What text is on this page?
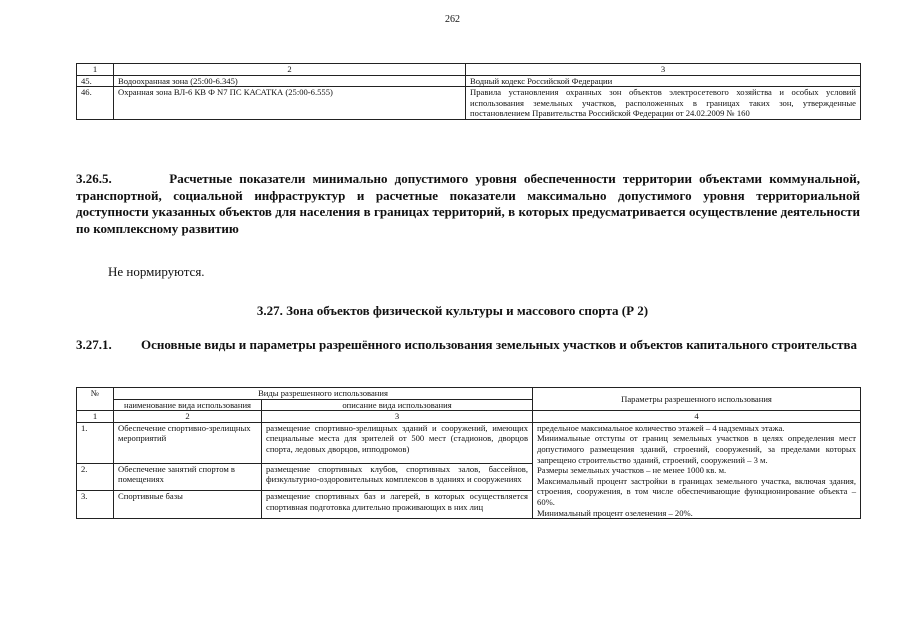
262
1	2	3
45.	Водоохранная зона (25:00-6.345)	Водный кодекс Российской Федерации
46.	Охранная зона ВЛ-6 КВ Ф N7 ПС КАСАТКА (25:00-6.555)	Правила установления охранных зон объектов электросетевого хозяйства и особых условий использования земельных участков, расположенных в границах таких зон, утвержденные постановлением Правительства Российской Федерации от 24.02.2009 № 160
3.26.5.	Расчетные показатели минимально допустимого уровня обеспеченности территории объектами коммунальной, транспортной, социальной инфраструктур и расчетные показатели максимально допустимого уровня территориальной доступности указанных объектов для населения в границах территорий, в которых предусматривается осуществление деятельности по комплексному развитию
Не нормируются.
3.27. Зона объектов физической культуры и массового спорта (Р 2)
3.27.1. Основные виды и параметры разрешённого использования земельных участков и объектов капитального строительства
№	Виды разрешенного использования		Параметры разрешенного использования
	наименование вида использования	описание вида использования	
1	2	3	4
1.	Обеспечение спортивно-зрелищных мероприятий	размещение спортивно-зрелищных зданий и сооружений, имеющих специальные места для зрителей от 500 мест (стадионов, дворцов спорта, ледовых дворцов, ипподромов)	предельное максимальное количество этажей – 4 надземных этажа.
Минимальные отступы от границ земельных участков в целях определения мест допустимого размещения зданий, строений, сооружений, за пределами которых запрещено строительство зданий, строений, сооружений – 3 м.
Размеры земельных участков – не менее 1000 кв. м.
Максимальный процент застройки в границах земельного участка, включая здания, строения, сооружения, в том числе обеспечивающие функционирование объекта – 60%.
Минимальный процент озеленения – 20%.

2.	Обеспечение занятий спортом в помещениях	размещение спортивных клубов, спортивных залов, бассейнов, физкультурно-оздоровительных комплексов в зданиях и сооружениях	
3.	Спортивные базы	размещение спортивных баз и лагерей, в которых осуществляется спортивная подготовка длительно проживающих в них лиц	
